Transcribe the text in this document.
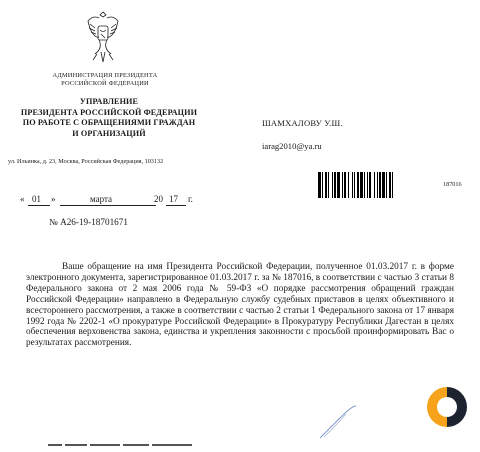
АДМИНИСТРАЦИЯ ПРЕЗИДЕНТА
РОССИЙСКОЙ ФЕДЕРАЦИИ
УПРАВЛЕНИЕ
ПРЕЗИДЕНТА РОССИЙСКОЙ ФЕДЕРАЦИИ
ПО РАБОТЕ С ОБРАЩЕНИЯМИ ГРАЖДАН
И ОРГАНИЗАЦИЙ
ул. Ильинка, д. 23, Москва, Российская Федерация, 103132
ШАМХАЛОВУ У.Ш.
iarag2010@ya.ru
187016
« 01 »	марта	20 17 г.
№ А26-19-18701671
Ваше обращение на имя Президента Российской Федерации, полученное 01.03.2017 г. в форме электронного документа, зарегистрированное 01.03.2017 г. за № 187016, в соответствии с частью 3 статьи 8 Федерального закона от 2 мая 2006 года № 59-ФЗ «О порядке рассмотрения обращений граждан Российской Федерации» направлено в Федеральную службу судебных приставов в целях объективного и всестороннего рассмотрения, а также в соответствии с частью 2 статьи 1 Федерального закона от 17 января 1992 года № 2202-1 «О прокуратуре Российской Федерации» в Прокуратуру Республики Дагестан в целях обеспечения верховенства закона, единства и укрепления законности с просьбой проинформировать Вас о результатах рассмотрения.
